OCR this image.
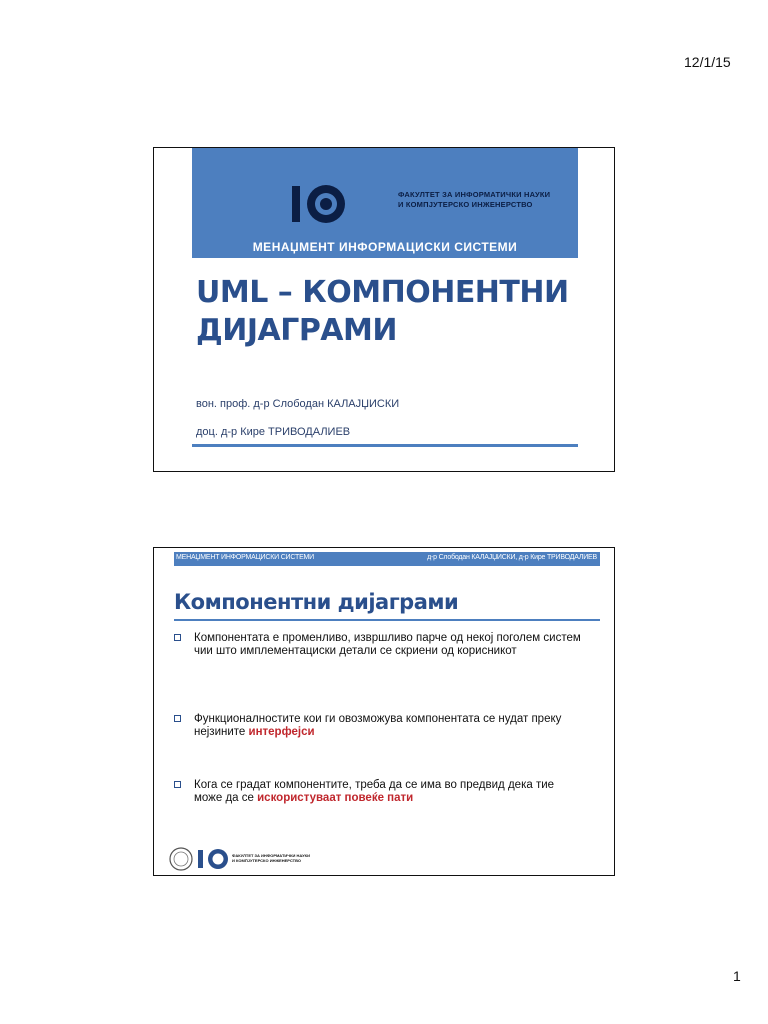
12/1/15
ФАКУЛТЕТ ЗА ИНФОРМАТИЧКИ НАУКИ
И КОМПЈУТЕРСКО ИНЖЕНЕРСТВО
МЕНАЏМЕНТ ИНФОРМАЦИСКИ СИСТЕМИ
UML – КОМПОНЕНТНИ
ДИЈАГРАМИ
вон. проф. д-р Слободан КАЛАЈЏИСКИ
доц. д-р Кире ТРИВОДАЛИЕВ
МЕНАЏМЕНТ ИНФОРМАЦИСКИ СИСТЕМИ	д-р Слободан КАЛАЈЏИСКИ, д-р Кире ТРИВОДАЛИЕВ
Компонентни дијаграми
Компонентата е променливо, извршливо парче од некој поголем систем чии што имплементациски детали се скриени од корисникот
Функционалностите кои ги овозможува компонентата се нудат преку нејзините интерфејси
Кога се градат компонентите, треба да се има во предвид дека тие може да се искористуваат повеќе пати
ФАКУЛТЕТ ЗА ИНФОРМАТИЧКИ НАУКИ
И КОМПЈУТЕРСКО ИНЖЕНЕРСТВО
1
